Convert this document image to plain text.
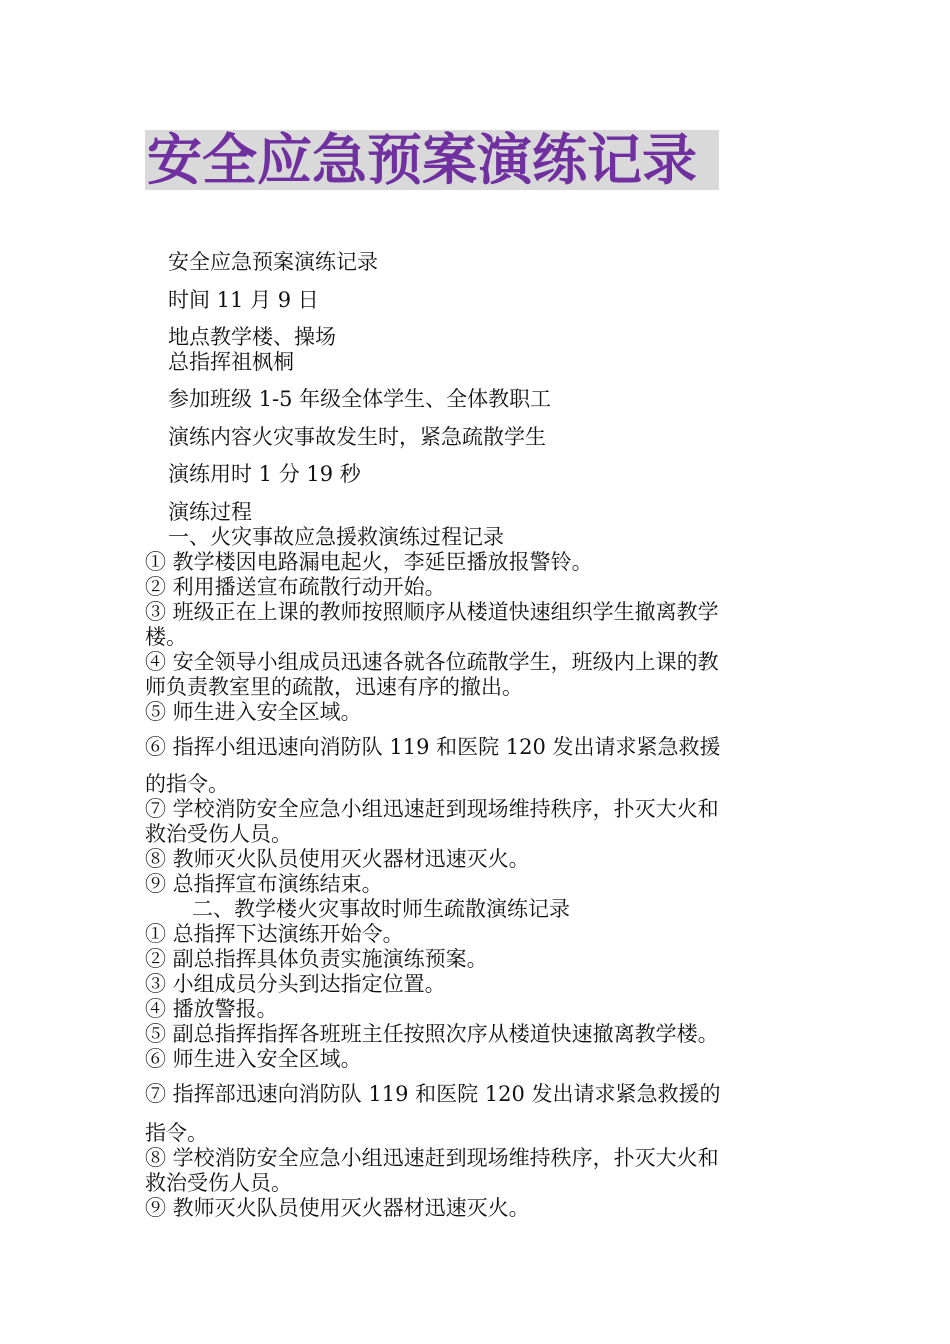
安全应急预案演练记录
安全应急预案演练记录
时间 11 月 9 日
地点教学楼、操场
总指挥祖枫桐
参加班级 1-5 年级全体学生、全体教职工
演练内容火灾事故发生时，紧急疏散学生
演练用时 1 分 19 秒
演练过程
一、火灾事故应急援救演练过程记录
① 教学楼因电路漏电起火，李延臣播放报警铃。
② 利用播送宣布疏散行动开始。
③ 班级正在上课的教师按照顺序从楼道快速组织学生撤离教学
楼。
④ 安全领导小组成员迅速各就各位疏散学生，班级内上课的教
师负责教室里的疏散，迅速有序的撤出。
⑤ 师生进入安全区域。
⑥ 指挥小组迅速向消防队 119 和医院 120 发出请求紧急救援
的指令。
⑦ 学校消防安全应急小组迅速赶到现场维持秩序，扑灭大火和
救治受伤人员。
⑧ 教师灭火队员使用灭火器材迅速灭火。
⑨ 总指挥宣布演练结束。
二、教学楼火灾事故时师生疏散演练记录
① 总指挥下达演练开始令。
② 副总指挥具体负责实施演练预案。
③ 小组成员分头到达指定位置。
④ 播放警报。
⑤ 副总指挥指挥各班班主任按照次序从楼道快速撤离教学楼。
⑥ 师生进入安全区域。
⑦ 指挥部迅速向消防队 119 和医院 120 发出请求紧急救援的
指令。
⑧ 学校消防安全应急小组迅速赶到现场维持秩序，扑灭大火和
救治受伤人员。
⑨ 教师灭火队员使用灭火器材迅速灭火。
